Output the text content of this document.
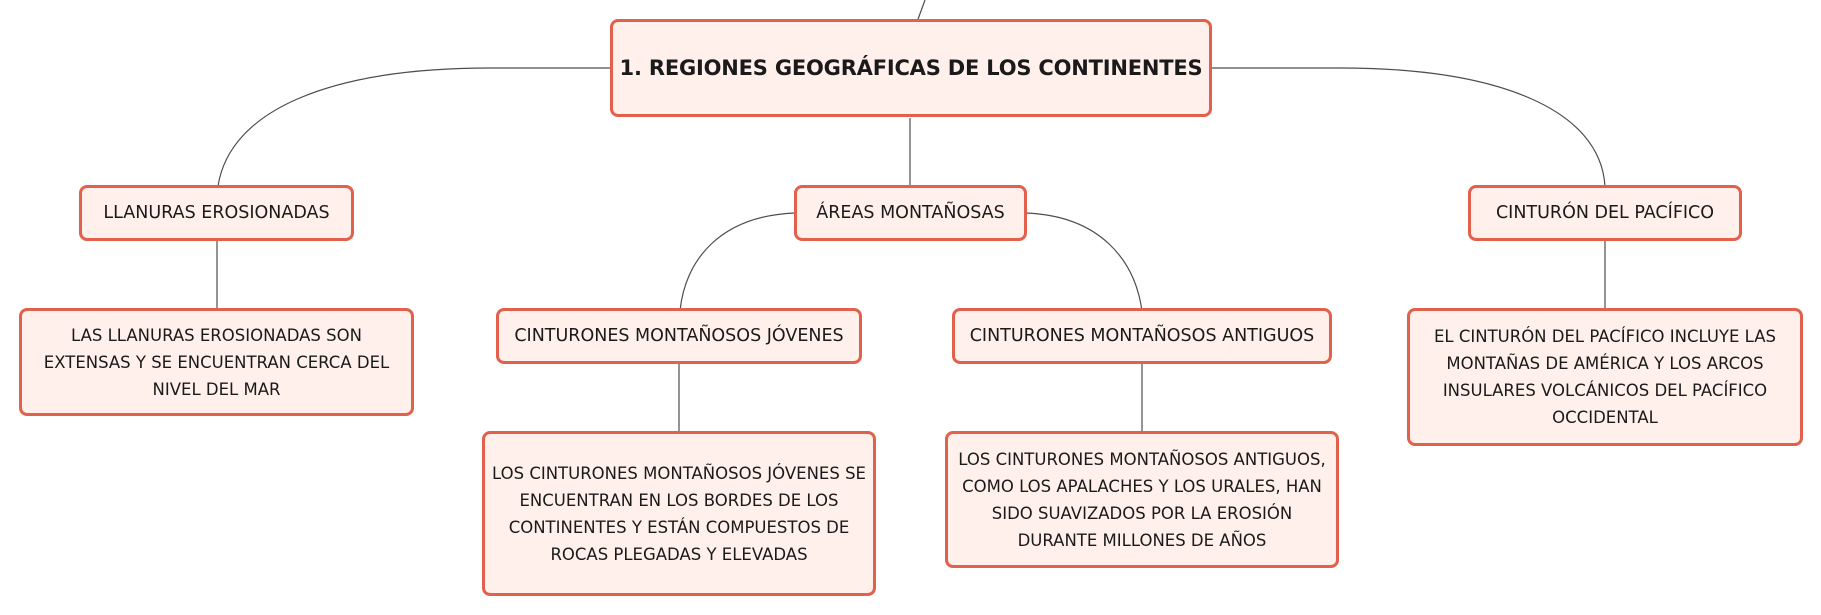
1. REGIONES GEOGRÁFICAS DE LOS CONTINENTES
LLANURAS EROSIONADAS	ÁREAS MONTAÑOSAS	CINTURÓN DEL PACÍFICO
LAS LLANURAS EROSIONADAS SON EXTENSAS Y SE ENCUENTRAN CERCA DEL NIVEL DEL MAR
CINTURONES MONTAÑOSOS JÓVENES	CINTURONES MONTAÑOSOS ANTIGUOS	EL CINTURÓN DEL PACÍFICO INCLUYE LAS MONTAÑAS DE AMÉRICA Y LOS ARCOS INSULARES VOLCÁNICOS DEL PACÍFICO OCCIDENTAL
LOS CINTURONES MONTAÑOSOS JÓVENES SE ENCUENTRAN EN LOS BORDES DE LOS CONTINENTES Y ESTÁN COMPUESTOS DE ROCAS PLEGADAS Y ELEVADAS
LOS CINTURONES MONTAÑOSOS ANTIGUOS, COMO LOS APALACHES Y LOS URALES, HAN SIDO SUAVIZADOS POR LA EROSIÓN DURANTE MILLONES DE AÑOS
